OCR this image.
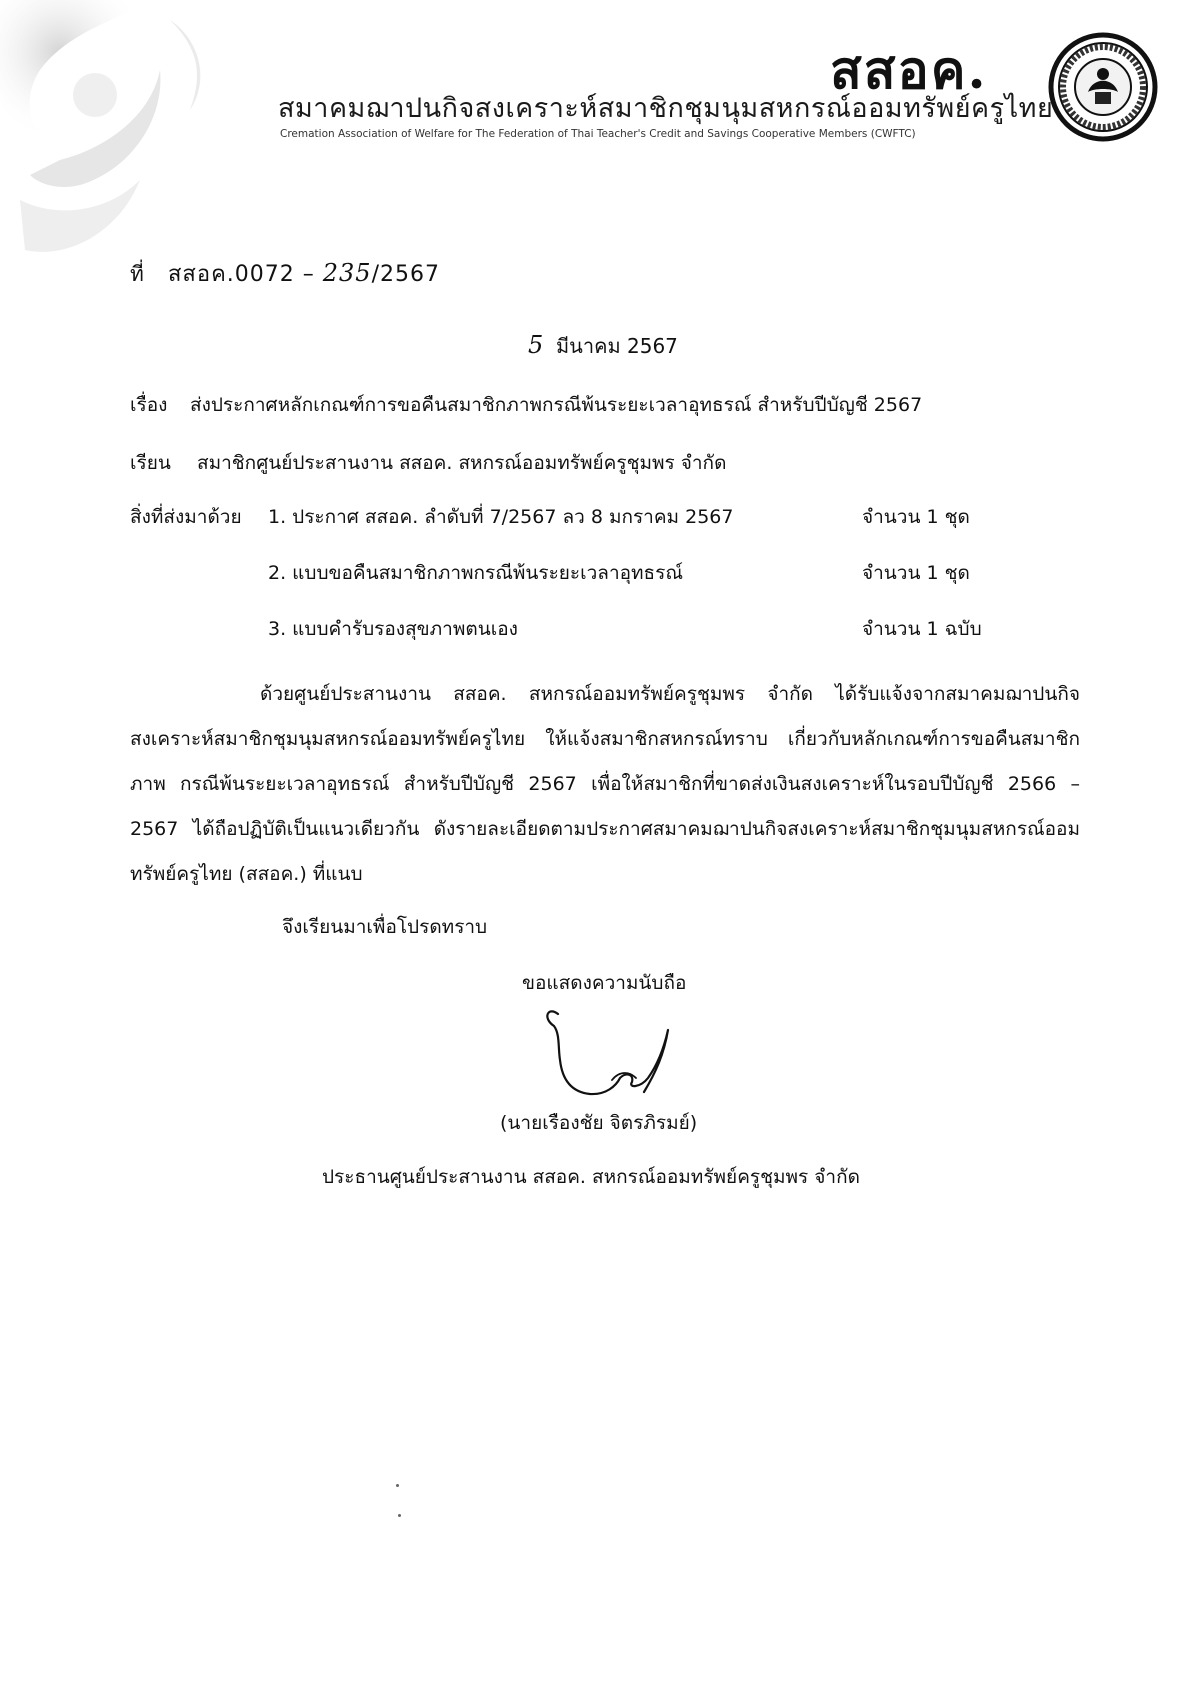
สสอค.
สมาคมฌาปนกิจสงเคราะห์สมาชิกชุมนุมสหกรณ์ออมทรัพย์ครูไทย
Cremation Association of Welfare for The Federation of Thai Teacher's Credit and Savings Cooperative Members (CWFTC)
ที่ สสอค.0072 – 235/2567
5 มีนาคม 2567
เรื่อง ส่งประกาศหลักเกณฑ์การขอคืนสมาชิกภาพกรณีพ้นระยะเวลาอุทธรณ์ สำหรับปีบัญชี 2567
เรียน สมาชิกศูนย์ประสานงาน สสอค. สหกรณ์ออมทรัพย์ครูชุมพร จำกัด
สิ่งที่ส่งมาด้วย 1. ประกาศ สสอค. ลำดับที่ 7/2567 ลว 8 มกราคม 2567	จำนวน 1 ชุด
2. แบบขอคืนสมาชิกภาพกรณีพ้นระยะเวลาอุทธรณ์	จำนวน 1 ชุด
3. แบบคำรับรองสุขภาพตนเอง	จำนวน 1 ฉบับ
ด้วยศูนย์ประสานงาน สสอค. สหกรณ์ออมทรัพย์ครูชุมพร จำกัด ได้รับแจ้งจากสมาคมฌาปนกิจสงเคราะห์สมาชิกชุมนุมสหกรณ์ออมทรัพย์ครูไทย ให้แจ้งสมาชิกสหกรณ์ทราบ เกี่ยวกับหลักเกณฑ์การขอคืนสมาชิกภาพ กรณีพ้นระยะเวลาอุทธรณ์ สำหรับปีบัญชี 2567 เพื่อให้สมาชิกที่ขาดส่งเงินสงเคราะห์ในรอบปีบัญชี 2566 – 2567 ได้ถือปฏิบัติเป็นแนวเดียวกัน ดังรายละเอียดตามประกาศสมาคมฌาปนกิจสงเคราะห์สมาชิกชุมนุมสหกรณ์ออมทรัพย์ครูไทย (สสอค.) ที่แนบ
จึงเรียนมาเพื่อโปรดทราบ
ขอแสดงความนับถือ
(นายเรืองชัย จิตรภิรมย์)
ประธานศูนย์ประสานงาน สสอค. สหกรณ์ออมทรัพย์ครูชุมพร จำกัด
